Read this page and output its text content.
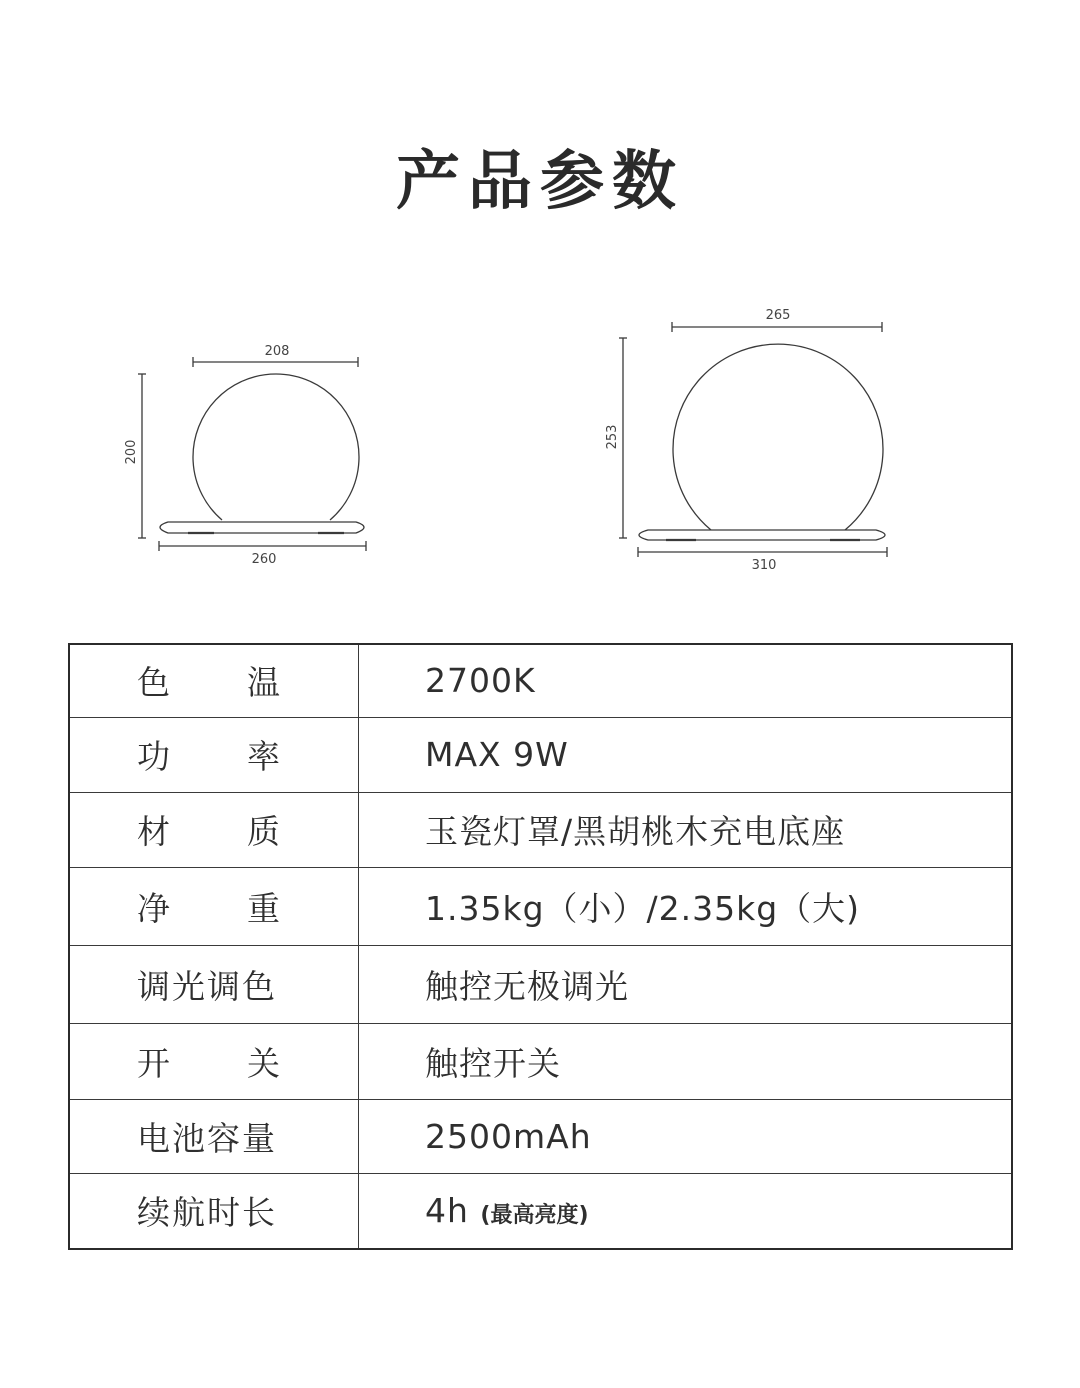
产品参数
208
200
260
265
253
310
色 温	2700K

功 率	MAX 9W

材 质	玉瓷灯罩/黑胡桃木充电底座

净 重	1.35kg（小）/2.35kg（大)

调光调色	触控无极调光

开 关	触控开关

电池容量	2500mAh

续航时长	4h (最高亮度)
